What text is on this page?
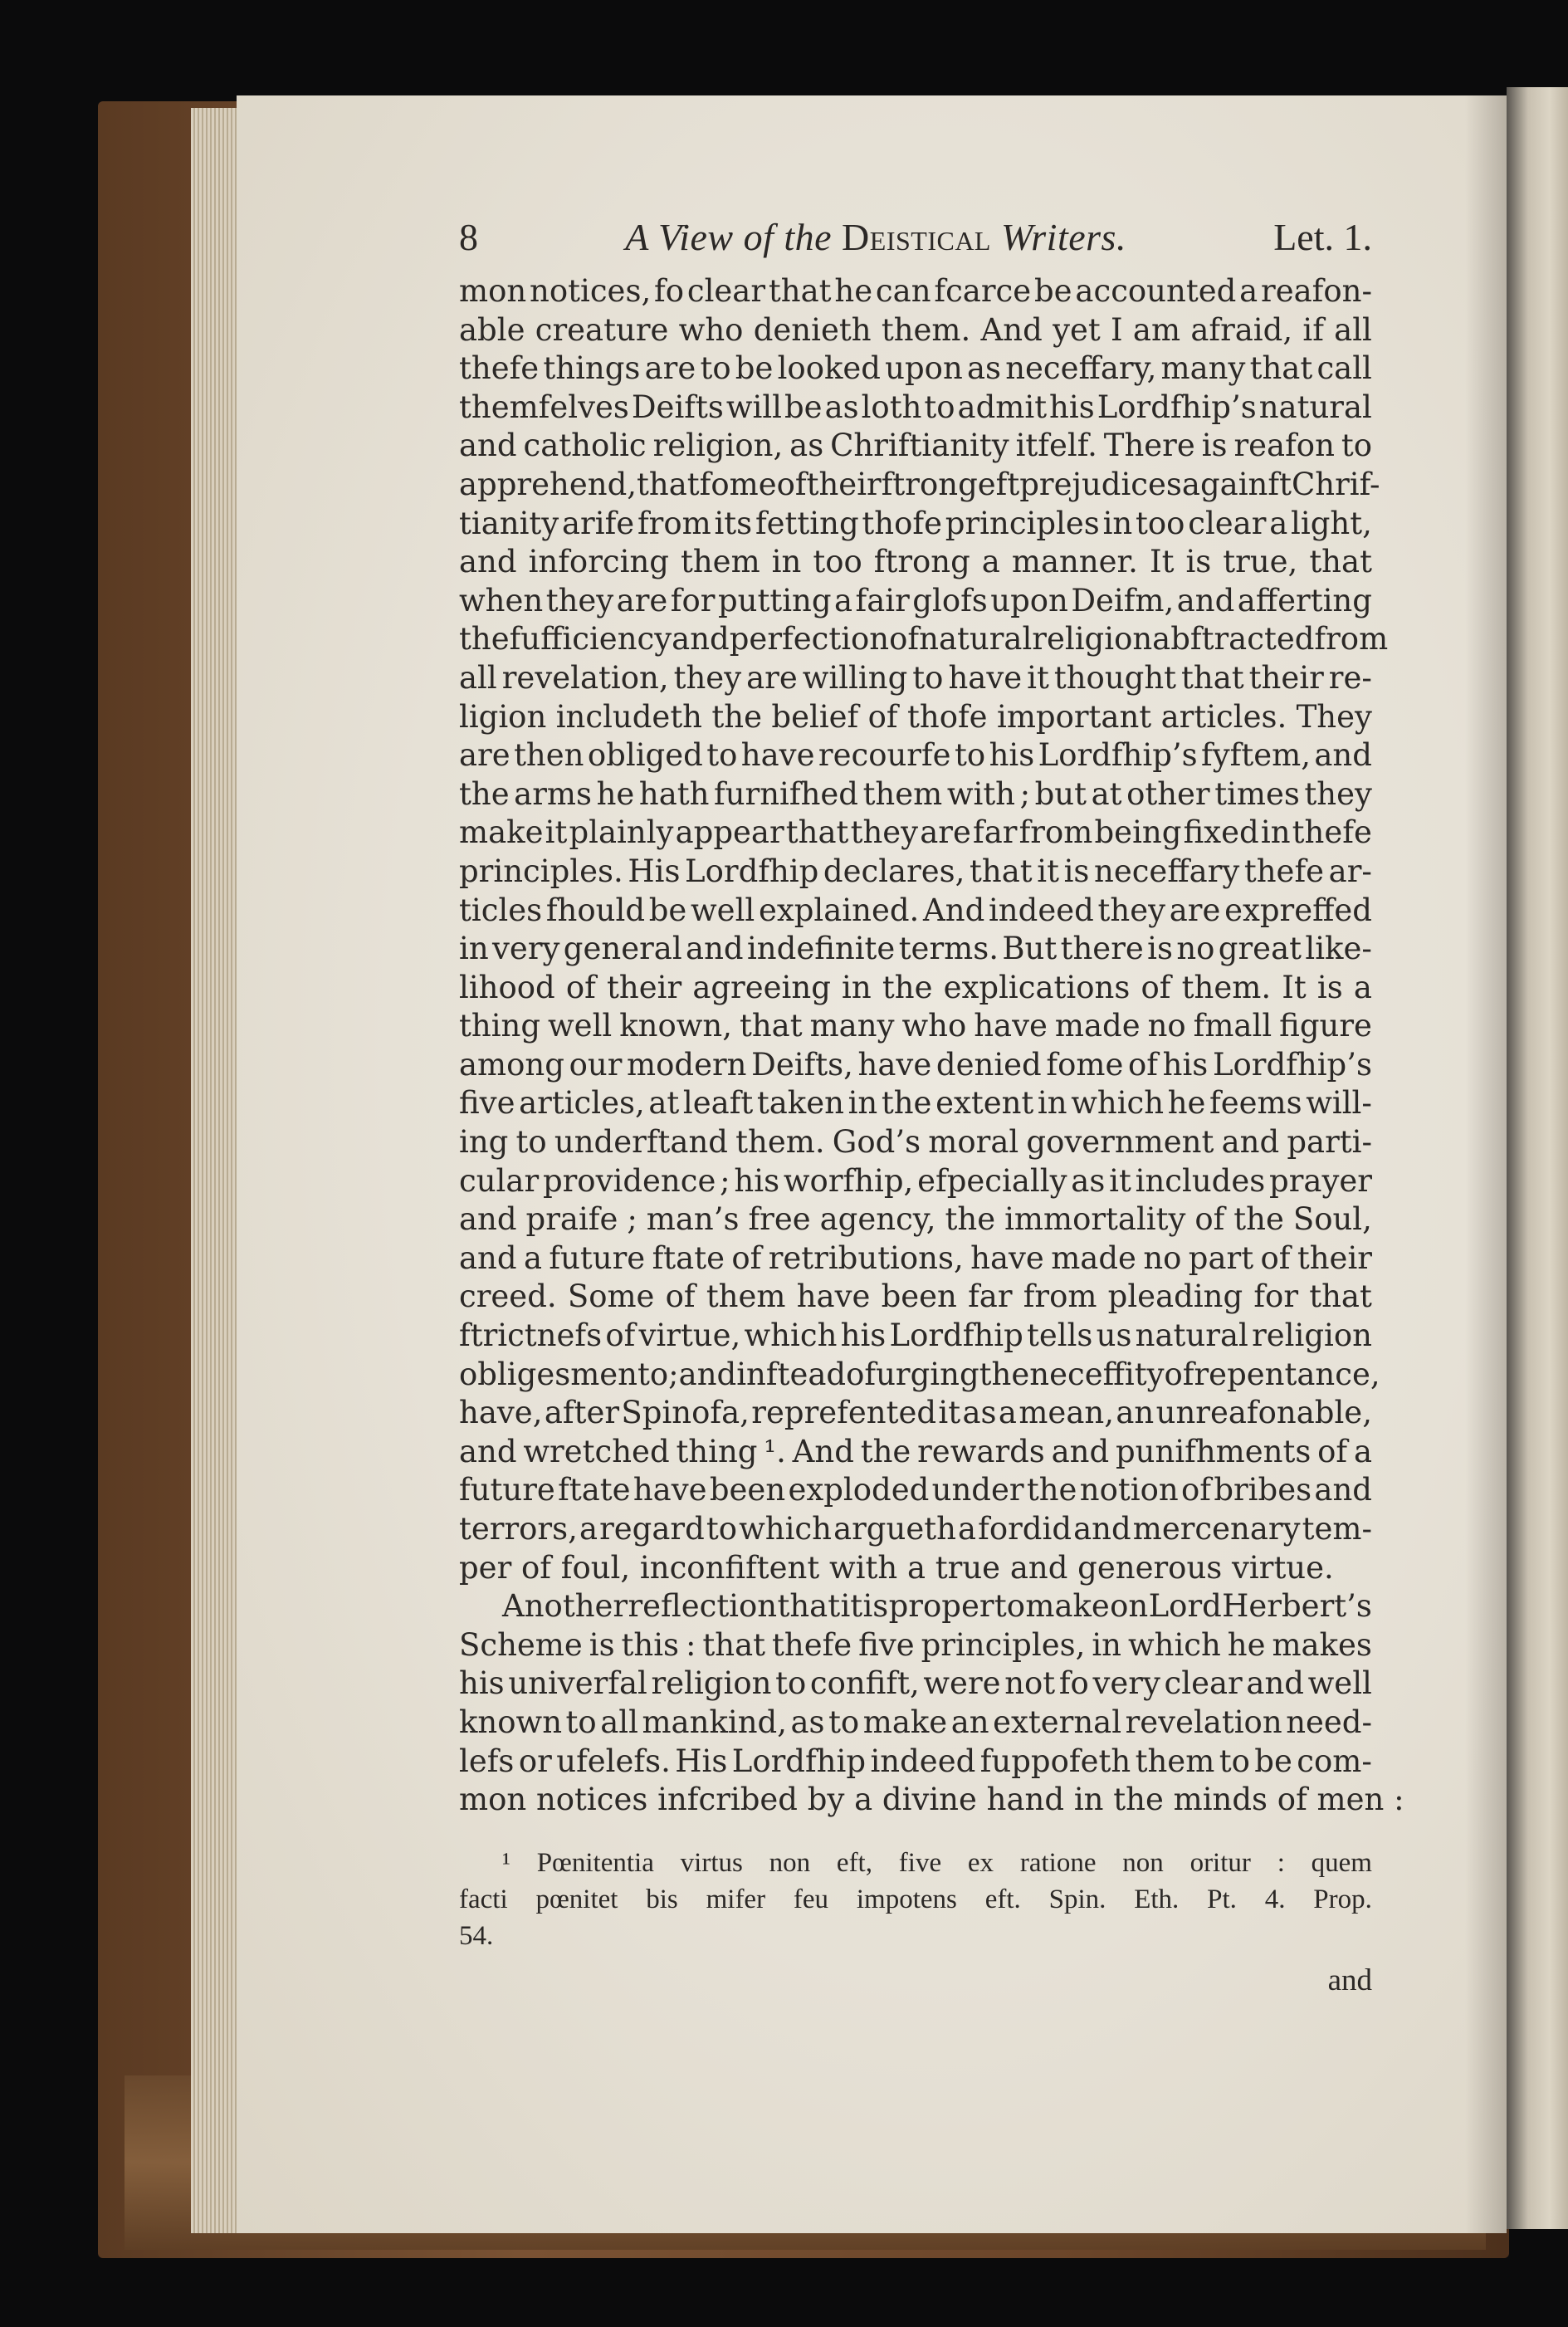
8	A View of the Deistical Writers.	Let. 1.
mon notices, fo clear that he can fcarce be accounted a reafon-
able creature who denieth them. And yet I am afraid, if all
thefe things are to be looked upon as neceffary, many that call
themfelves Deifts will be as loth to admit his Lordfhip’s natural
and catholic religion, as Chriftianity itfelf. There is reafon to
apprehend, that fome of their ftrongeft prejudices againft Chrif-
tianity arife from its fetting thofe principles in too clear a light,
and inforcing them in too ftrong a manner. It is true, that
when they are for putting a fair glofs upon Deifm, and afferting
the fufficiency and perfection of natural religion abftracted from
all revelation, they are willing to have it thought that their re-
ligion includeth the belief of thofe important articles. They
are then obliged to have recourfe to his Lordfhip’s fyftem, and
the arms he hath furnifhed them with ; but at other times they
make it plainly appear that they are far from being fixed in thefe
principles. His Lordfhip declares, that it is neceffary thefe ar-
ticles fhould be well explained. And indeed they are expreffed
in very general and indefinite terms. But there is no great like-
lihood of their agreeing in the explications of them. It is a
thing well known, that many who have made no fmall figure
among our modern Deifts, have denied fome of his Lordfhip’s
five articles, at leaft taken in the extent in which he feems will-
ing to underftand them. God’s moral government and parti-
cular providence ; his worfhip, efpecially as it includes prayer
and praife ; man’s free agency, the immortality of the Soul,
and a future ftate of retributions, have made no part of their
creed. Some of them have been far from pleading for that
ftrictnefs of virtue, which his Lordfhip tells us natural religion
obliges men to ; and inftead of urging the neceffity of repentance,
have, after Spinofa, reprefented it as a mean, an unreafonable,
and wretched thing ¹. And the rewards and punifhments of a
future ftate have been exploded under the notion of bribes and
terrors, a regard to which argueth a fordid and mercenary tem-
per of foul, inconfiftent with a true and generous virtue.
Another reflection that it is proper to make on Lord Herbert’s
Scheme is this : that thefe five principles, in which he makes
his univerfal religion to confift, were not fo very clear and well
known to all mankind, as to make an external revelation need-
lefs or ufelefs. His Lordfhip indeed fuppofeth them to be com-
mon notices infcribed by a divine hand in the minds of men :
¹ Pœnitentia virtus non eft, five ex ratione non oritur : quem
facti pœnitet bis mifer feu impotens eft. Spin. Eth. Pt. 4. Prop.
54.
and
